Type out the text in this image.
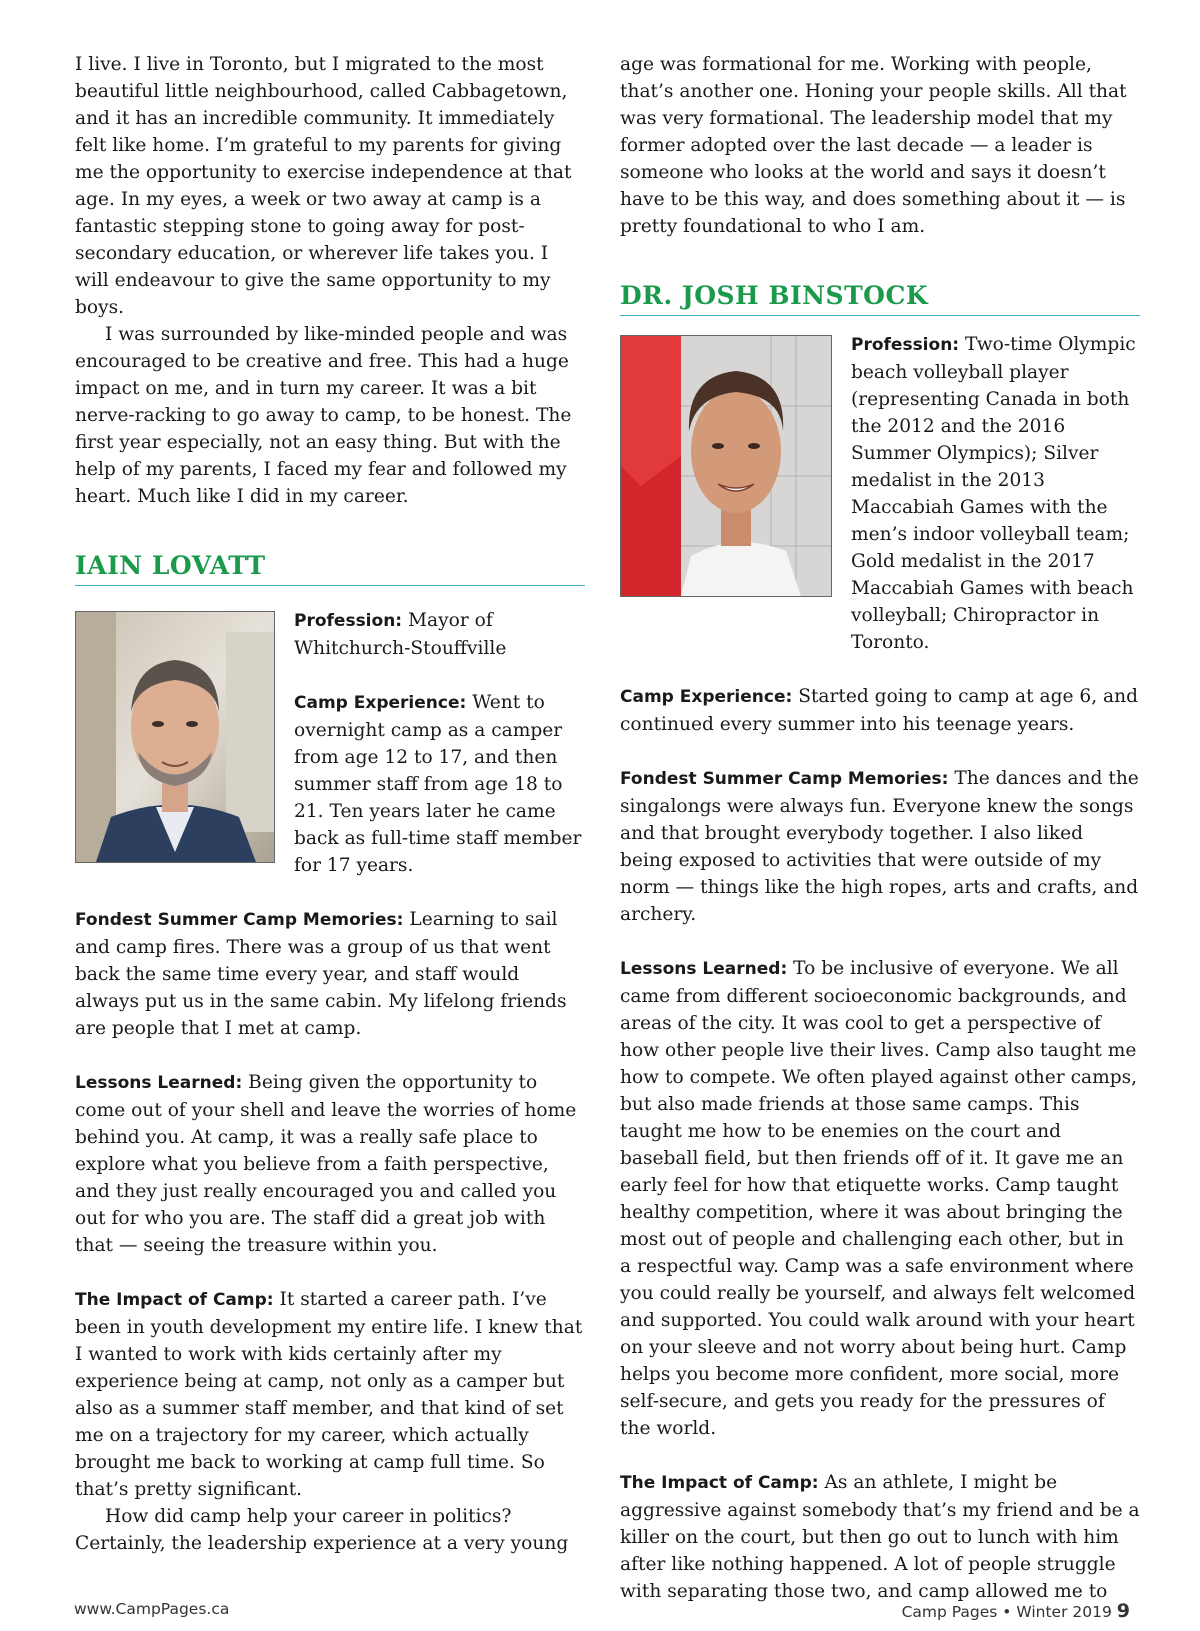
I live. I live in Toronto, but I migrated to the most beautiful little neighbourhood, called Cabbagetown, and it has an incredible community. It immediately felt like home. I’m grateful to my parents for giving me the opportunity to exercise independence at that age. In my eyes, a week or two away at camp is a fantastic stepping stone to going away for post-secondary education, or wherever life takes you. I will endeavour to give the same opportunity to my boys.

I was surrounded by like-minded people and was encouraged to be creative and free. This had a huge impact on me, and in turn my career. It was a bit nerve-racking to go away to camp, to be honest. The first year especially, not an easy thing. But with the help of my parents, I faced my fear and followed my heart. Much like I did in my career.

IAIN LOVATT

Profession: Mayor of Whitchurch-Stouffville

Camp Experience: Went to overnight camp as a camper from age 12 to 17, and then summer staff from age 18 to 21. Ten years later he came back as full-time staff member for 17 years.

Fondest Summer Camp Memories: Learning to sail and camp fires. There was a group of us that went back the same time every year, and staff would always put us in the same cabin. My lifelong friends are people that I met at camp.

Lessons Learned: Being given the opportunity to come out of your shell and leave the worries of home behind you. At camp, it was a really safe place to explore what you believe from a faith perspective, and they just really encouraged you and called you out for who you are. The staff did a great job with that — seeing the treasure within you.

The Impact of Camp: It started a career path. I’ve been in youth development my entire life. I knew that I wanted to work with kids certainly after my experience being at camp, not only as a camper but also as a summer staff member, and that kind of set me on a trajectory for my career, which actually brought me back to working at camp full time. So that’s pretty significant.

How did camp help your career in politics? Certainly, the leadership experience at a very young

age was formational for me. Working with people, that’s another one. Honing your people skills. All that was very formational. The leadership model that my former adopted over the last decade — a leader is someone who looks at the world and says it doesn’t have to be this way, and does something about it — is pretty foundational to who I am.

DR. JOSH BINSTOCK

Profession: Two-time Olympic beach volleyball player (representing Canada in both the 2012 and the 2016 Summer Olympics); Silver medalist in the 2013 Maccabiah Games with the men’s indoor volleyball team; Gold medalist in the 2017 Maccabiah Games with beach volleyball; Chiropractor in Toronto.

Camp Experience: Started going to camp at age 6, and continued every summer into his teenage years.

Fondest Summer Camp Memories: The dances and the singalongs were always fun. Everyone knew the songs and that brought everybody together. I also liked being exposed to activities that were outside of my norm — things like the high ropes, arts and crafts, and archery.

Lessons Learned: To be inclusive of everyone. We all came from different socioeconomic backgrounds, and areas of the city. It was cool to get a perspective of how other people live their lives. Camp also taught me how to compete. We often played against other camps, but also made friends at those same camps. This taught me how to be enemies on the court and baseball field, but then friends off of it. It gave me an early feel for how that etiquette works. Camp taught healthy competition, where it was about bringing the most out of people and challenging each other, but in a respectful way. Camp was a safe environment where you could really be yourself, and always felt welcomed and supported. You could walk around with your heart on your sleeve and not worry about being hurt. Camp helps you become more confident, more social, more self-secure, and gets you ready for the pressures of the world.

The Impact of Camp: As an athlete, I might be aggressive against somebody that’s my friend and be a killer on the court, but then go out to lunch with him after like nothing happened. A lot of people struggle with separating those two, and camp allowed me to

www.CampPages.ca	Camp Pages • Winter 2019 9
